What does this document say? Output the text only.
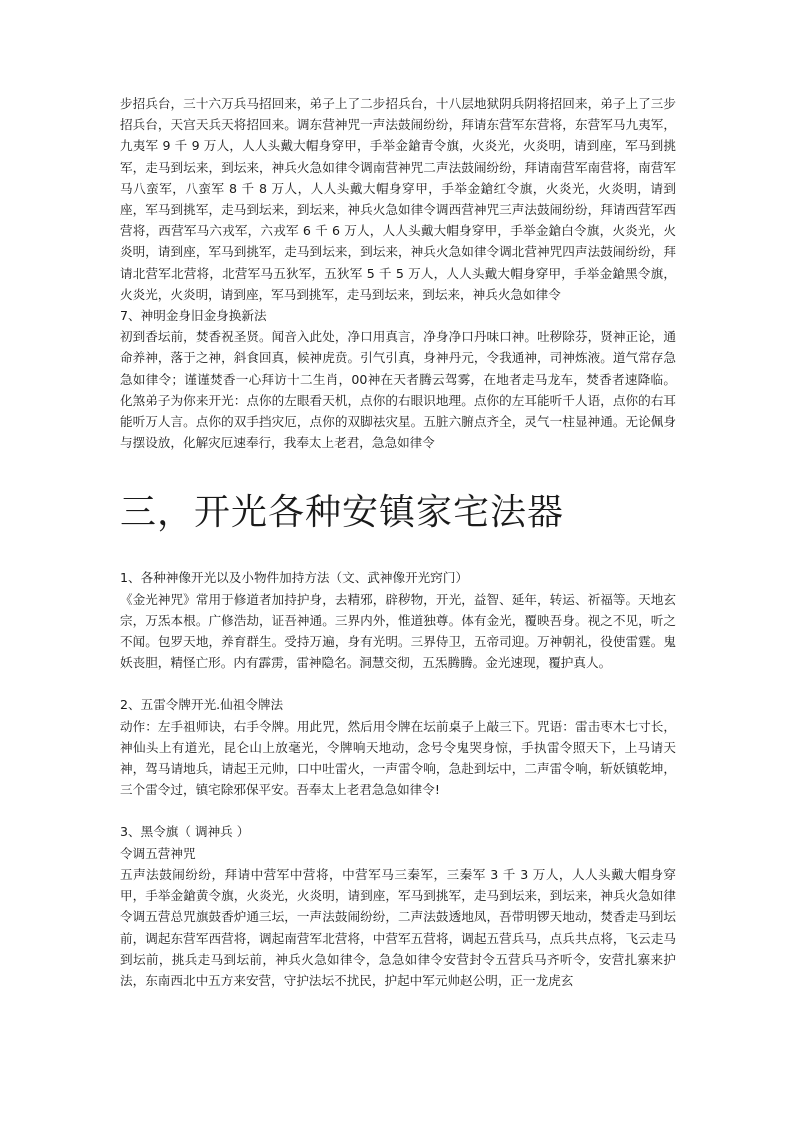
步招兵台，三十六万兵马招回来，弟子上了二步招兵台，十八层地狱阴兵阴将招回来，弟子上了三步招兵台，天宫天兵天将招回来。调东营神咒一声法鼓闹纷纷，拜请东营军东营将，东营军马九夷军，九夷军 9 千 9 万人，人人头戴大帽身穿甲，手举金鎗青令旗，火炎光，火炎明，请到座，军马到挑军，走马到坛来，到坛来，神兵火急如律令调南营神咒二声法鼓闹纷纷，拜请南营军南营将，南营军马八蛮军，八蛮军 8 千 8 万人，人人头戴大帽身穿甲，手举金鎗红令旗，火炎光，火炎明，请到座，军马到挑军，走马到坛来，到坛来，神兵火急如律令调西营神咒三声法鼓闹纷纷，拜请西营军西营将，西营军马六戎军，六戎军 6 千 6 万人，人人头戴大帽身穿甲，手举金鎗白令旗，火炎光，火炎明，请到座，军马到挑军，走马到坛来，到坛来，神兵火急如律令调北营神咒四声法鼓闹纷纷，拜请北营军北营将，北营军马五狄军，五狄军 5 千 5 万人，人人头戴大帽身穿甲，手举金鎗黑令旗，火炎光，火炎明，请到座，军马到挑军，走马到坛来，到坛来，神兵火急如律令

7、神明金身旧金身换新法

初到香坛前，焚香祝圣贤。闻音入此处，净口用真言，净身净口丹味口神。吐秽除芬，贤神正论，通命养神，落于之神，斜食回真，候神虎贲。引气引真，身神丹元，令我通神，司神炼液。道气常存急急如律令；谨谨焚香一心拜访十二生肖，00神在天者腾云驾雾，在地者走马龙车，焚香者速降临。化煞弟子为你来开光：点你的左眼看天机，点你的右眼识地理。点你的左耳能听千人语，点你的右耳能听万人言。点你的双手挡灾厄，点你的双脚祛灾星。五脏六腑点齐全，灵气一柱显神通。无论佩身与摆设放，化解灾厄速奉行，我奉太上老君，急急如律令

三，开光各种安镇家宅法器

1、各种神像开光以及小物件加持方法（文、武神像开光窍门）

《金光神咒》常用于修道者加持护身，去精邪，辟秽物，开光，益智、延年，转运、祈福等。天地玄宗，万炁本根。广修浩劫，证吾神通。三界内外，惟道独尊。体有金光，覆映吾身。视之不见，听之不闻。包罗天地，养育群生。受持万遍，身有光明。三界侍卫，五帝司迎。万神朝礼，役使雷霆。鬼妖丧胆，精怪亡形。内有霹雳，雷神隐名。洞慧交彻，五炁腾腾。金光速现，覆护真人。

2、五雷令牌开光.仙祖令牌法

动作：左手祖师诀，右手令牌。用此咒，然后用令牌在坛前桌子上敲三下。咒语：雷击枣木七寸长，神仙头上有道光，昆仑山上放毫光，令牌响天地动，念号令鬼哭身惊，手执雷令照天下，上马请天神，驾马请地兵，请起王元帅，口中吐雷火，一声雷令响，急赴到坛中，二声雷令响，斩妖镇乾坤，三个雷令过，镇宅除邪保平安。吾奉太上老君急急如律令!

3、黑令旗（ 调神兵 ）

令调五营神咒

五声法鼓闹纷纷，拜请中营军中营将，中营军马三秦军，三秦军 3 千 3 万人，人人头戴大帽身穿甲，手举金鎗黄令旗，火炎光，火炎明，请到座，军马到挑军，走马到坛来，到坛来，神兵火急如律令调五营总咒旗鼓香炉通三坛，一声法鼓闹纷纷，二声法鼓透地凤，吾带明锣天地动，焚香走马到坛前，调起东营军西营将，调起南营军北营将，中营军五营将，调起五营兵马，点兵共点将，飞云走马到坛前，挑兵走马到坛前，神兵火急如律令，急急如律令安营封令五营兵马齐听令，安营扎寨来护法，东南西北中五方来安营，守护法坛不扰民，护起中军元帅赵公明，正一龙虎玄
